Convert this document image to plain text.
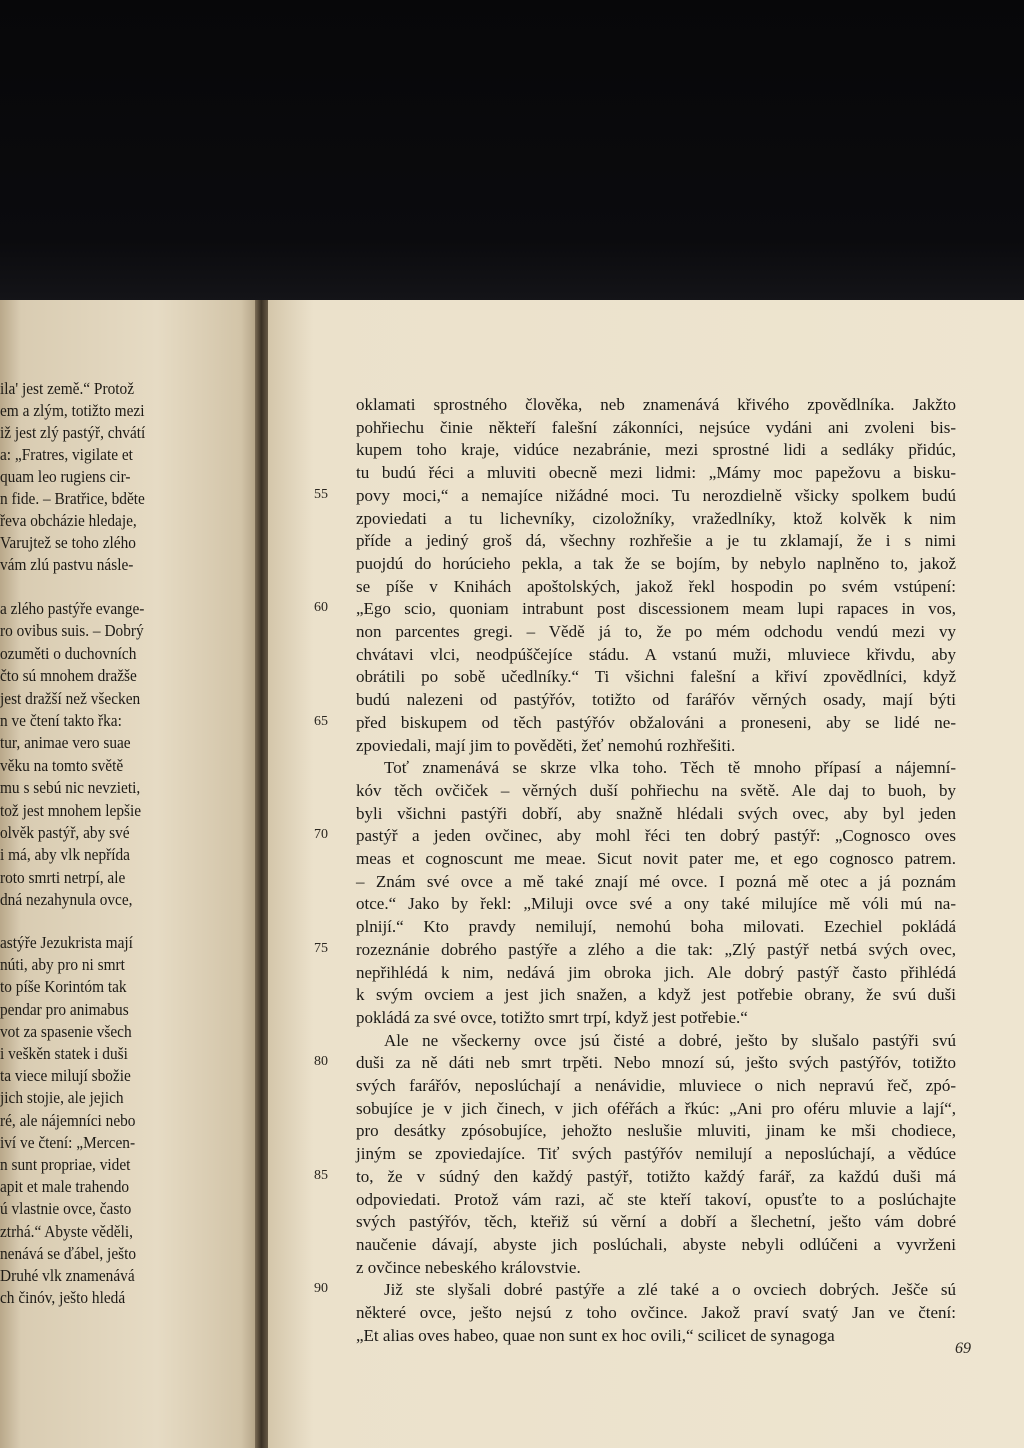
ila' jest země.“ Protož
em a zlým, totižto mezi
iž jest zlý pastýř, chvátí
a: „Fratres, vigilate et
quam leo rugiens cir-
n fide. – Bratřice, bděte
řeva obcházie hledaje,
Varujtež se toho zlého
vám zlú pastvu násle-
a zlého pastýře evange-
ro ovibus suis. – Dobrý
ozuměti o duchovních
čto sú mnohem dražše
jest dražší než všecken
n ve čtení takto řka:
tur, animae vero suae
věku na tomto světě
mu s sebú nic nevzieti,
tož jest mnohem lepšie
olvěk pastýř, aby své
i má, aby vlk nepřída
roto smrti netrpí, ale
dná nezahynula ovce,
astýře Jezukrista mají
núti, aby pro ni smrt
to píše Korintóm tak
pendar pro animabus
vot za spasenie všech
i veškěn statek i duši
ta viece milují sbožie
jich stojie, ale jejich
ré, ale nájemníci nebo
iví ve čtení: „Mercen-
n sunt propriae, videt
apit et male trahendo
ú vlastnie ovce, často
ztrhá.“ Abyste věděli,
nenává se ďábel, ješto
Druhé vlk znamenává
ch činóv, ješto hledá
oklamati sprostného člověka, neb znamenává křivého zpovědlníka. Jakžto
pohřiechu činie někteří falešní zákonníci, nejsúce vydáni ani zvoleni bis-
kupem toho kraje, vidúce nezabránie, mezi sprostné lidi a sedláky přidúc,
tu budú řéci a mluviti obecně mezi lidmi: „Mámy moc papežovu a bisku-
povy moci,“ a nemajíce nižádné moci. Tu nerozdielně všicky spolkem budú
zpoviedati a tu lichevníky, cizoložníky, vražedlníky, ktož kolvěk k nim
příde a jediný groš dá, všechny rozhřešie a je tu zklamají, že i s nimi
puojdú do horúcieho pekla, a tak že se bojím, by nebylo naplněno to, jakož
se píše v Knihách apoštolských, jakož řekl hospodin po svém vstúpení:
„Ego scio, quoniam intrabunt post discessionem meam lupi rapaces in vos,
non parcentes gregi. – Vědě já to, že po mém odchodu vendú mezi vy
chvátavi vlci, neodpúščejíce stádu. A vstanú muži, mluviece křivdu, aby
obrátili po sobě učedlníky.“ Ti všichni falešní a křiví zpovědlníci, když
budú nalezeni od pastýřóv, totižto od farářóv věrných osady, mají býti
před biskupem od těch pastýřóv obžalováni a proneseni, aby se lidé ne-
zpoviedali, mají jim to pověděti, žeť nemohú rozhřešiti.
Toť znamenává se skrze vlka toho. Těch tě mnoho přípasí a nájemní-
kóv těch ovčiček – věrných duší pohřiechu na světě. Ale daj to buoh, by
byli všichni pastýři dobří, aby snažně hlédali svých ovec, aby byl jeden
pastýř a jeden ovčinec, aby mohl řéci ten dobrý pastýř: „Cognosco oves
meas et cognoscunt me meae. Sicut novit pater me, et ego cognosco patrem.
– Znám své ovce a mě také znají mé ovce. I pozná mě otec a já poznám
otce.“ Jako by řekl: „Miluji ovce své a ony také milujíce mě vóli mú na-
plnijí.“ Kto pravdy nemilují, nemohú boha milovati. Ezechiel pokládá
rozeznánie dobrého pastýře a zlého a die tak: „Zlý pastýř netbá svých ovec,
nepřihlédá k nim, nedává jim obroka jich. Ale dobrý pastýř často přihlédá
k svým ovciem a jest jich snažen, a když jest potřebie obrany, že svú duši
pokládá za své ovce, totižto smrt trpí, když jest potřebie.“
Ale ne všeckerny ovce jsú čisté a dobré, ješto by slušalo pastýři svú
duši za ně dáti neb smrt trpěti. Nebo mnozí sú, ješto svých pastýřóv, totižto
svých farářóv, neposlúchají a nenávidie, mluviece o nich nepravú řeč, zpó-
sobujíce je v jich činech, v jich oféřách a řkúc: „Ani pro oféru mluvie a lají“,
pro desátky zpósobujíce, jehožto neslušie mluviti, jinam ke mši chodiece,
jiným se zpoviedajíce. Tiť svých pastýřóv nemilují a neposlúchají, a vědúce
to, že v súdný den každý pastýř, totižto každý farář, za každú duši má
odpoviedati. Protož vám razi, ač ste kteří takoví, opusťte to a poslúchajte
svých pastýřóv, těch, kteřiž sú věrní a dobří a šlechetní, ješto vám dobré
naučenie dávají, abyste jich poslúchali, abyste nebyli odlúčeni a vyvrženi
z ovčince nebeského královstvie.
Již ste slyšali dobré pastýře a zlé také a o ovciech dobrých. Ješče sú
některé ovce, ješto nejsú z toho ovčince. Jakož praví svatý Jan ve čtení:
„Et alias oves habeo, quae non sunt ex hoc ovili,“ scilicet de synagoga
55
60
65
70
75
80
85
90
69
